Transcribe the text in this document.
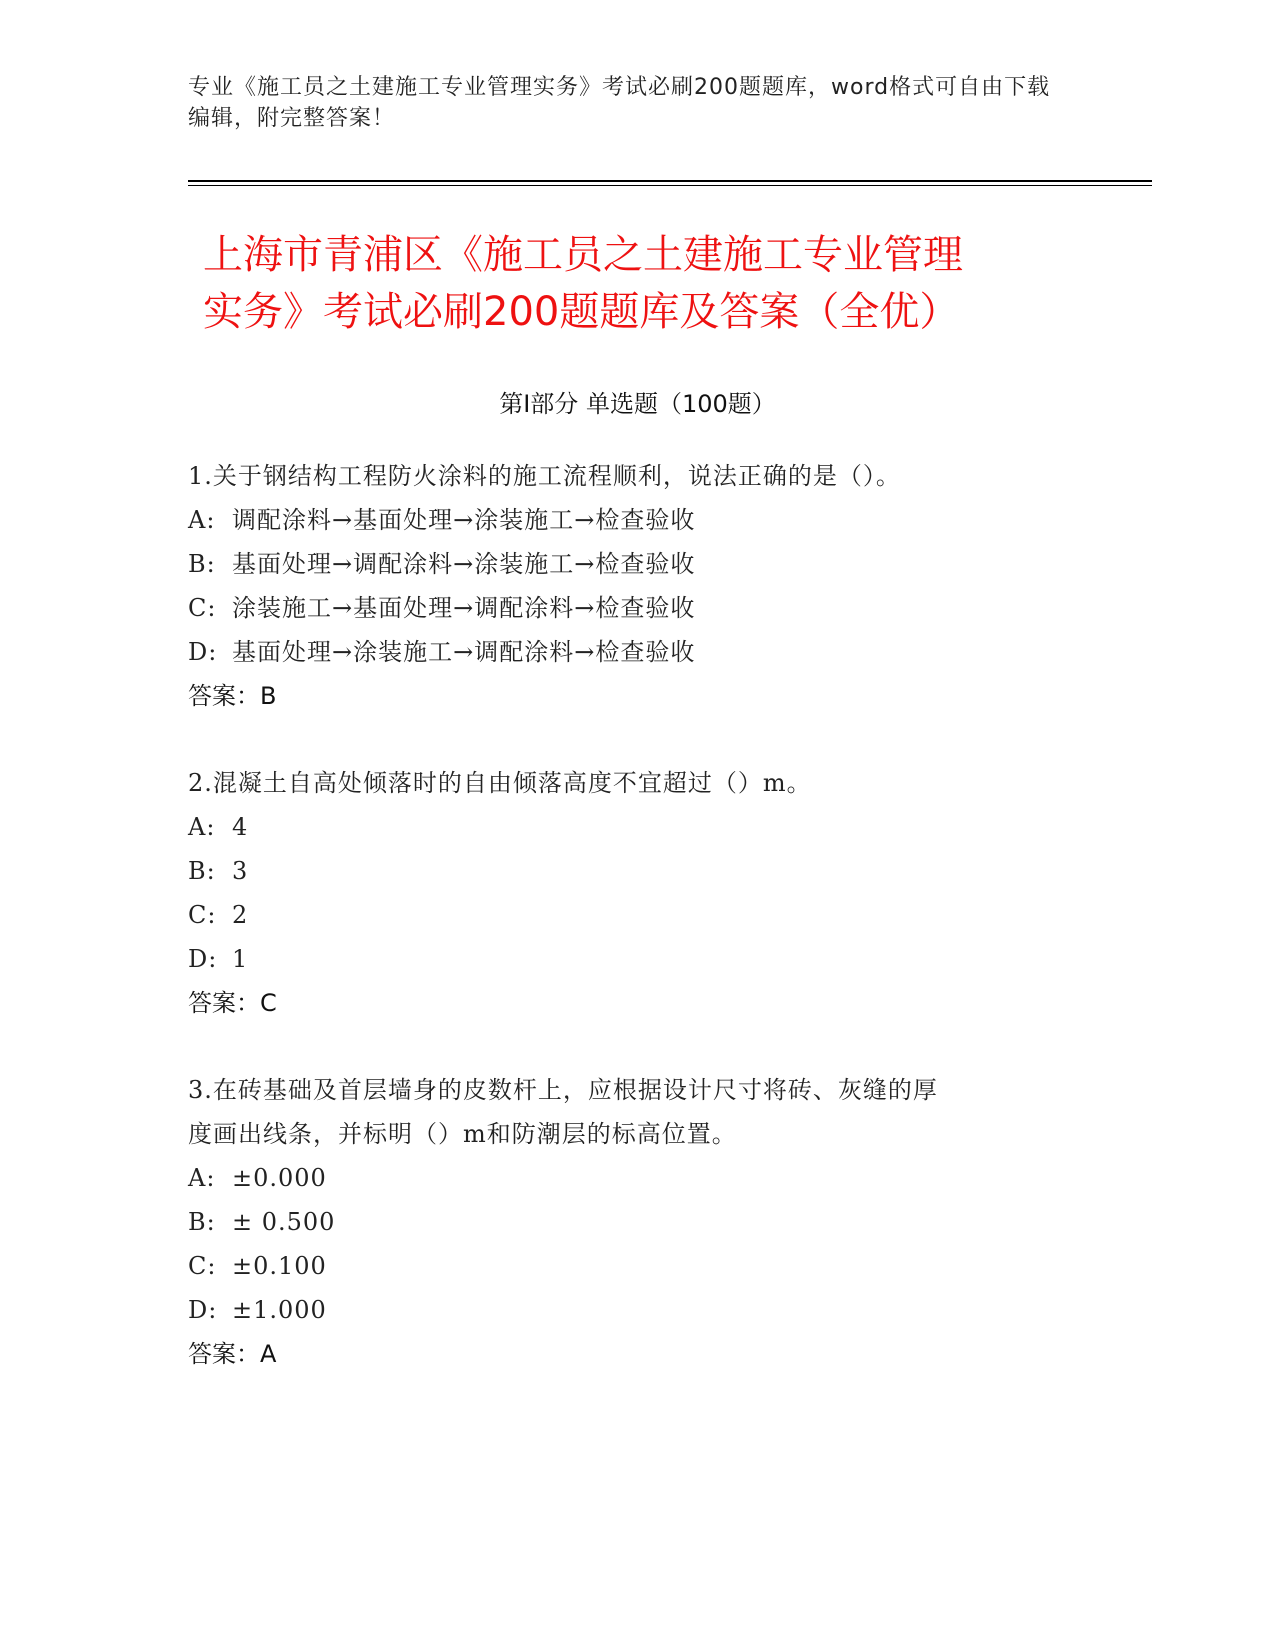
专业《施工员之土建施工专业管理实务》考试必刷200题题库，word格式可自由下载编辑，附完整答案！
上海市青浦区《施工员之土建施工专业管理
实务》考试必刷200题题库及答案（全优）
第Ⅰ部分 单选题（100题）
1.关于钢结构工程防火涂料的施工流程顺利，说法正确的是（）。
A: 调配涂料→基面处理→涂装施工→检查验收
B: 基面处理→调配涂料→涂装施工→检查验收
C: 涂装施工→基面处理→调配涂料→检查验收
D: 基面处理→涂装施工→调配涂料→检查验收
答案：B
2.混凝土自高处倾落时的自由倾落高度不宜超过（）m。
A: 4
B: 3
C: 2
D: 1
答案：C
3.在砖基础及首层墙身的皮数杆上，应根据设计尺寸将砖、灰缝的厚
度画出线条，并标明（）m和防潮层的标高位置。
A: ±0.000
B: ± 0.500
C: ±0.100
D: ±1.000
答案：A
